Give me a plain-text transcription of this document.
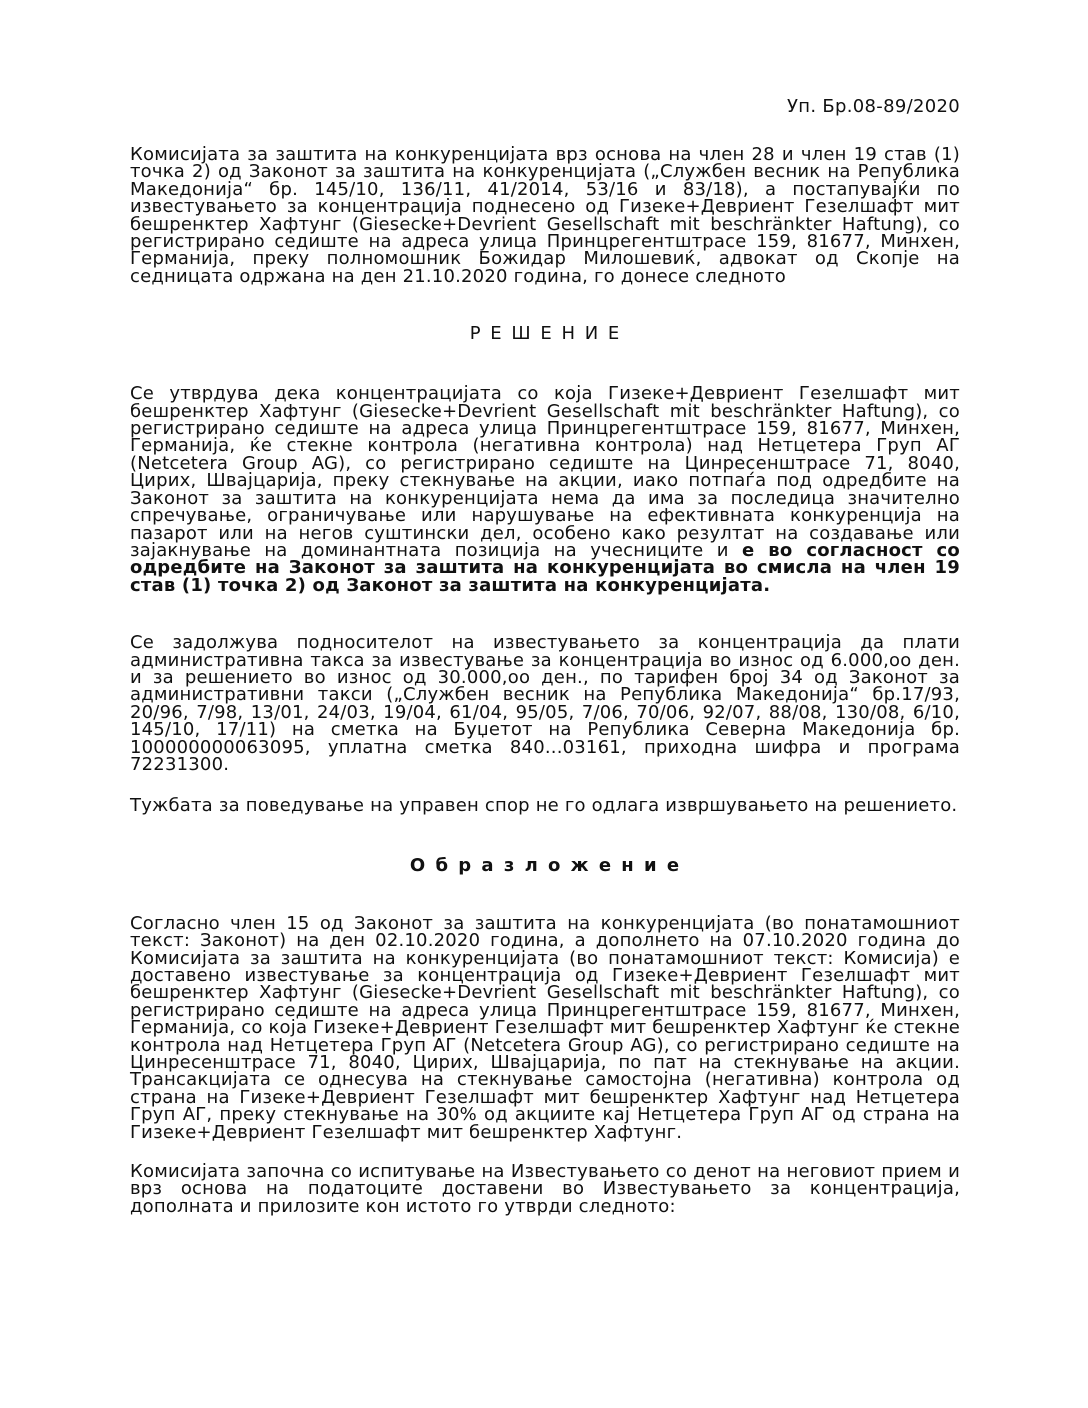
Уп. Бр.08-89/2020

Комисијата за заштита на конкуренцијата врз основа на член 28 и член 19 став (1) точка 2) од Законот за заштита на конкуренцијата („Службен весник на Република Македонија“ бр. 145/10, 136/11, 41/2014, 53/16 и 83/18), а постапувајќи по известувањето за концентрација поднесено од Гизеке+Девриент Гезелшафт мит бешренктер Хафтунг (Giesecke+Devrient Gesellschaft mit beschränkter Haftung), со регистрирано седиште на адреса улица Принцрегентштрасе 159, 81677, Минхен, Германија, преку полномошник Божидар Милошевиќ, адвокат од Скопје на седницата одржана на ден 21.10.2020 година, го донесе следното

Р Е Ш Е Н И Е

Се утврдува дека концентрацијата со која Гизеке+Девриент Гезелшафт мит бешренктер Хафтунг (Giesecke+Devrient Gesellschaft mit beschränkter Haftung), со регистрирано седиште на адреса улица Принцрегентштрасе 159, 81677, Минхен, Германија, ќе стекне контрола (негативна контрола) над Нетцетера Груп АГ (Netcetera Group AG), со регистрирано седиште на Цинресенштрасе 71, 8040, Цирих, Швајцарија, преку стекнување на акции, иако потпаѓа под одредбите на Законот за заштита на конкуренцијата нема да има за последица значително спречување, ограничување или нарушување на ефективната конкуренција на пазарот или на негов суштински дел, особено како резултат на создавање или зајакнување на доминантната позиција на учесниците и е во согласност со одредбите на Законот за заштита на конкуренцијата во смисла на член 19 став (1) точка 2) од Законот за заштита на конкуренцијата.

Се задолжува подносителот на известувањето за концентрација да плати административна такса за известување за концентрација во износ од 6.000,оо ден. и за решението во износ од 30.000,оо ден., по тарифен број 34 од Законот за административни такси („Службен весник на Република Македонија“ бр.17/93, 20/96, 7/98, 13/01, 24/03, 19/04, 61/04, 95/05, 7/06, 70/06, 92/07, 88/08, 130/08, 6/10, 145/10, 17/11) на сметка на Буџетот на Република Северна Македонија бр. 100000000063095, уплатна сметка 840...03161, приходна шифра и програма 72231300.

Тужбата за поведување на управен спор не го одлага извршувањето на решението.

О б р а з л о ж е н и е

Согласно член 15 од Законот за заштита на конкуренцијата (во понатамошниот текст: Законот) на ден 02.10.2020 година, а дополнето на 07.10.2020 година до Комисијата за заштита на конкуренцијата (во понатамошниот текст: Комисија) е доставено известување за концентрација од Гизеке+Девриент Гезелшафт мит бешренктер Хафтунг (Giesecke+Devrient Gesellschaft mit beschränkter Haftung), со регистрирано седиште на адреса улица Принцрегентштрасе 159, 81677, Минхен, Германија, со која Гизеке+Девриент Гезелшафт мит бешренктер Хафтунг ќе стекне контрола над Нетцетера Груп АГ (Netcetera Group AG), со регистрирано седиште на Цинресенштрасе 71, 8040, Цирих, Швајцарија, по пат на стекнување на акции. Трансакцијата се однесува на стекнување самостојна (негативна) контрола од страна на Гизеке+Девриент Гезелшафт мит бешренктер Хафтунг над Нетцетера Груп АГ, преку стекнување на 30% од акциите кај Нетцетера Груп АГ од страна на Гизеке+Девриент Гезелшафт мит бешренктер Хафтунг.

Комисијата започна со испитување на Известувањето со денот на неговиот прием и врз основа на податоците доставени во Известувањето за концентрација, дополната и прилозите кон истото го утврди следното:
